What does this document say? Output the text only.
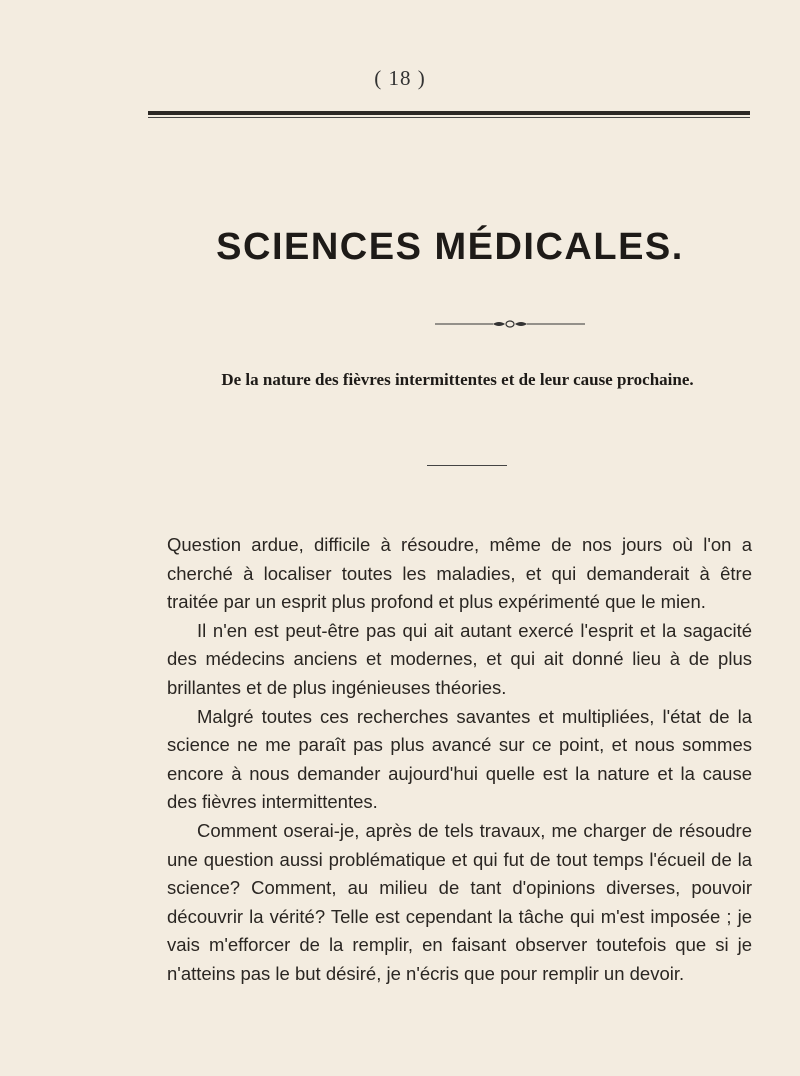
( 18 )
SCIENCES MÉDICALES.
De la nature des fièvres intermittentes et de leur cause prochaine.

Question ardue, difficile à résoudre, même de nos jours où l'on a cherché à localiser toutes les maladies, et qui demanderait à être traitée par un esprit plus profond et plus expérimenté que le mien.

Il n'en est peut-être pas qui ait autant exercé l'esprit et la sagacité des médecins anciens et modernes, et qui ait donné lieu à de plus brillantes et de plus ingénieuses théories.

Malgré toutes ces recherches savantes et multipliées, l'état de la science ne me paraît pas plus avancé sur ce point, et nous sommes encore à nous demander aujourd'hui quelle est la nature et la cause des fièvres intermittentes.

Comment oserai-je, après de tels travaux, me charger de résoudre une question aussi problématique et qui fut de tout temps l'écueil de la science? Comment, au milieu de tant d'opinions diverses, pouvoir découvrir la vérité? Telle est cependant la tâche qui m'est imposée ; je vais m'efforcer de la remplir, en faisant observer toutefois que si je n'atteins pas le but désiré, je n'écris que pour remplir un devoir.
